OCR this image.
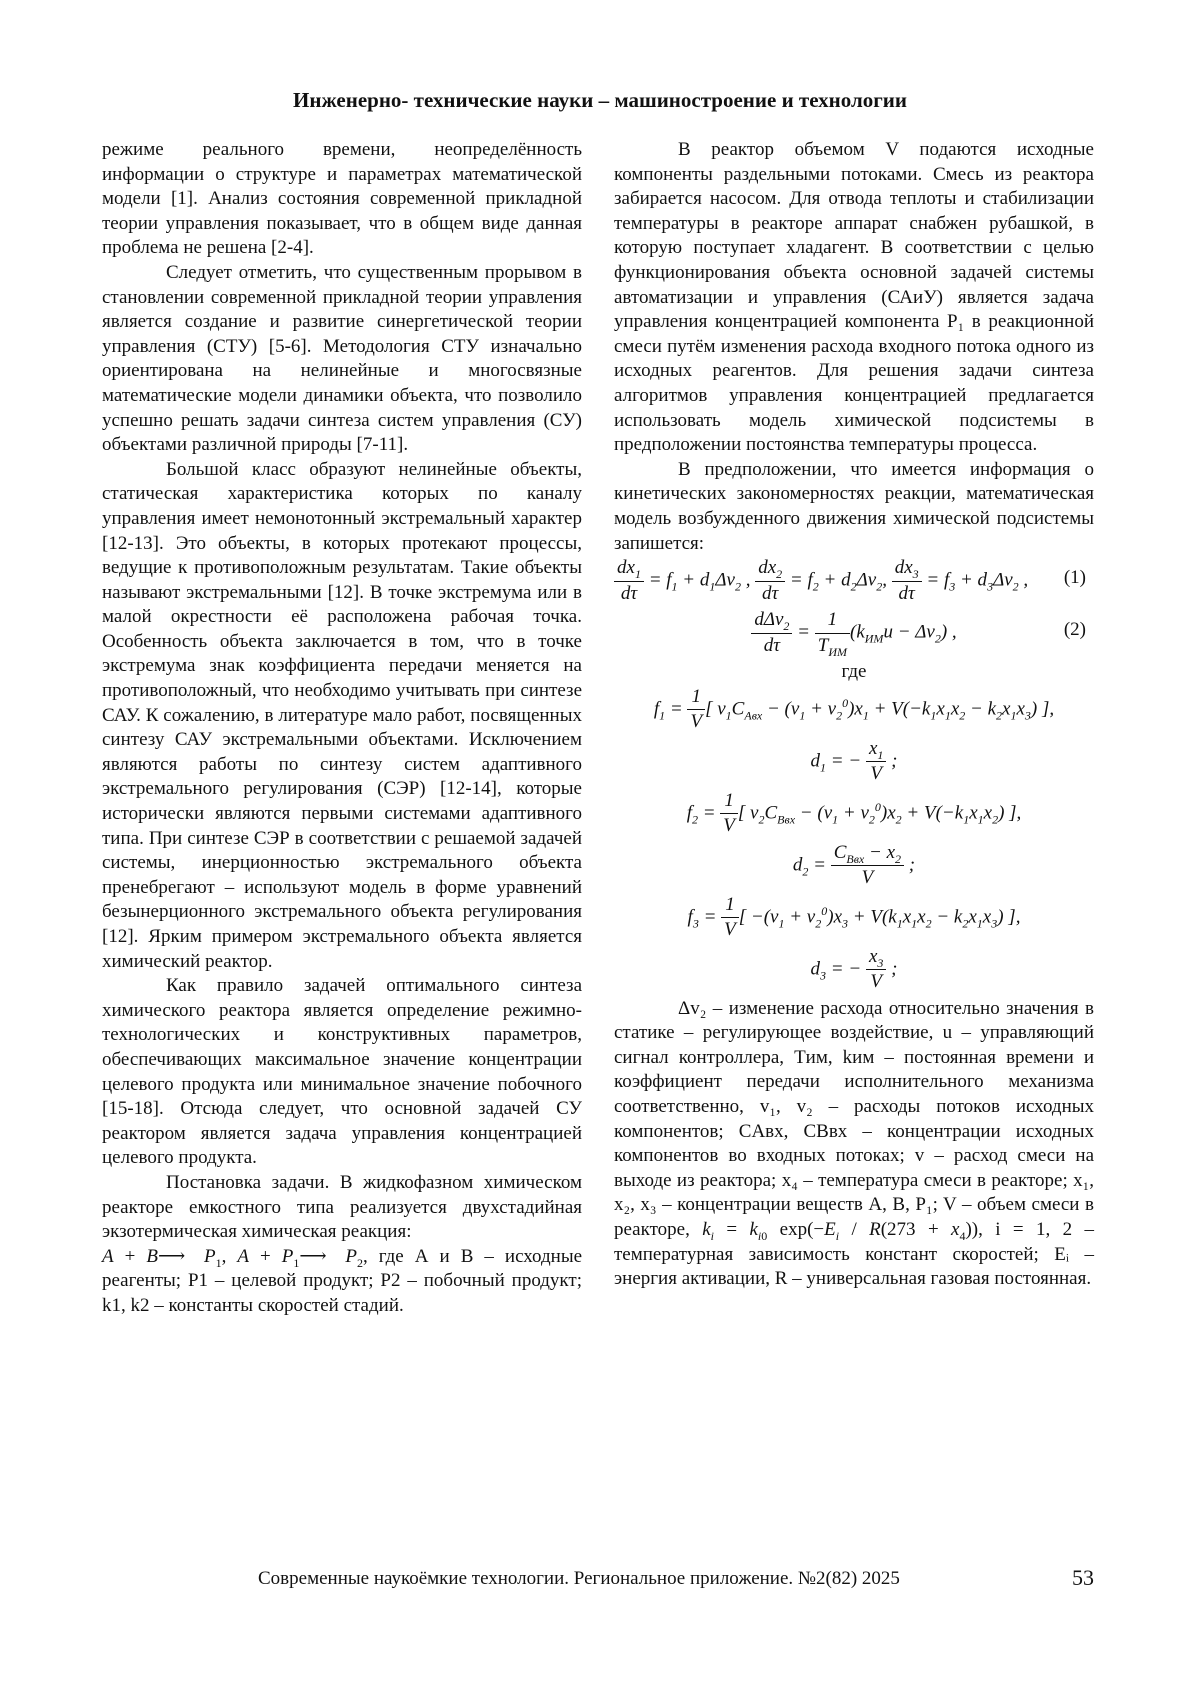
Инженерно- технические науки – машиностроение и технологии

режиме реального времени, неопределённость информации о структуре и параметрах математической модели [1]. Анализ состояния современной прикладной теории управления показывает, что в общем виде данная проблема не решена [2-4].

Следует отметить, что существенным прорывом в становлении современной прикладной теории управления является создание и развитие синергетической теории управления (СТУ) [5-6]. Методология СТУ изначально ориентирована на нелинейные и многосвязные математические модели динамики объекта, что позволило успешно решать задачи синтеза систем управления (СУ) объектами различной природы [7-11].

Большой класс образуют нелинейные объекты, статическая характеристика которых по каналу управления имеет немонотонный экстремальный характер [12-13]. Это объекты, в которых протекают процессы, ведущие к противоположным результатам. Такие объекты называют экстремальными [12]. В точке экстремума или в малой окрестности её расположена рабочая точка. Особенность объекта заключается в том, что в точке экстремума знак коэффициента передачи меняется на противоположный, что необходимо учитывать при синтезе САУ. К сожалению, в литературе мало работ, посвященных синтезу САУ экстремальными объектами. Исключением являются работы по синтезу систем адаптивного экстремального регулирования (СЭР) [12-14], которые исторически являются первыми системами адаптивного типа. При синтезе СЭР в соответствии с решаемой задачей системы, инерционностью экстремального объекта пренебрегают – используют модель в форме уравнений безынерционного экстремального объекта регулирования [12]. Ярким примером экстремального объекта является химический реактор.

Как правило задачей оптимального синтеза химического реактора является определение режимно-технологических и конструктивных параметров, обеспечивающих максимальное значение концентрации целевого продукта или минимальное значение побочного [15-18]. Отсюда следует, что основной задачей СУ реактором является задача управления концентрацией целевого продукта.

Постановка задачи. В жидкофазном химическом реакторе емкостного типа реализуется двухстадийная экзотермическая химическая реакция:

A + B⟶ $P_1$, $A + P_1⟶$ $P_2$, где А и В – исходные реагенты; P1 – целевой продукт; P2 – побочный продукт; k1, k2 – константы скоростей стадий.

В реактор объемом V подаются исходные компоненты раздельными потоками. Смесь из реактора забирается насосом. Для отвода теплоты и стабилизации температуры в реакторе аппарат снабжен рубашкой, в которую поступает хладагент. В соответствии с целью функционирования объекта основной задачей системы автоматизации и управления (САиУ) является задача управления концентрацией компонента P₁ в реакционной смеси путём изменения расхода входного потока одного из исходных реагентов. Для решения задачи синтеза алгоритмов управления концентрацией предлагается использовать модель химической подсистемы в предположении постоянства температуры процесса.

В предположении, что имеется информация о кинетических закономерностях реакции, математическая модель возбужденного движения химической подсистемы запишется:

$\frac{dx_1}{d\tau} = f_1 + d_1\Delta v_2$ , $\frac{dx_2}{d\tau} = f_2 + d_2\Delta v_2$, $\frac{dx_3}{d\tau} = f_3 + d_3\Delta v_2$ , (1)
$\frac{d\Delta v_2}{d\tau} = \frac{1}{T_{ИМ}} (k_{ИМ}u - \Delta v_2)$ ,	(2)

где

$f_1 = \frac{1}{V}$ [ $v_1C_{Aвх} - (v_1 + v_2^0)x_1 + V(-k_1x_1x_2 - k_2x_1x_3)$ ],
$d_1$ = − $\frac{x_1}{V}$ ;
$f_2 = \frac{1}{V}$ [ $v_2C_{Bвх} - (v_1 + v_2^0)x_2 + V(-k_1x_1x_2)$ ],
$d_2 = \frac{C_{Bвх} - x_2}{V}$ ;
$f_3 = \frac{1}{V}$ [ $-(v_1 + v_2^0)x_3 + V(k_1x_1x_2 - k_2x_1x_3)$ ],
$d_3$ = − $\frac{x_3}{V}$ ;

Δv₂ – изменение расхода относительно значения в статике – регулирующее воздействие, u – управляющий сигнал контроллера, Tим, kим – постоянная времени и коэффициент передачи исполнительного механизма соответственно, v₁, v₂ – расходы потоков исходных компонентов; CAвх, CBвх – концентрации исходных компонентов во входных потоках; v – расход смеси на выходе из реактора; x₄ – температура смеси в реакторе; x₁, x₂, x₃ – концентрации веществ A, B, P₁; V – объем смеси в реакторе, $k_i = k_{i0}$ $\exp(-E_i / R(273 + x_4))$, i = 1, 2 – температурная зависимость констант скоростей; Eᵢ – энергия активации, R – универсальная газовая постоянная.

Современные наукоёмкие технологии. Региональное приложение. №2(82) 2025	53
